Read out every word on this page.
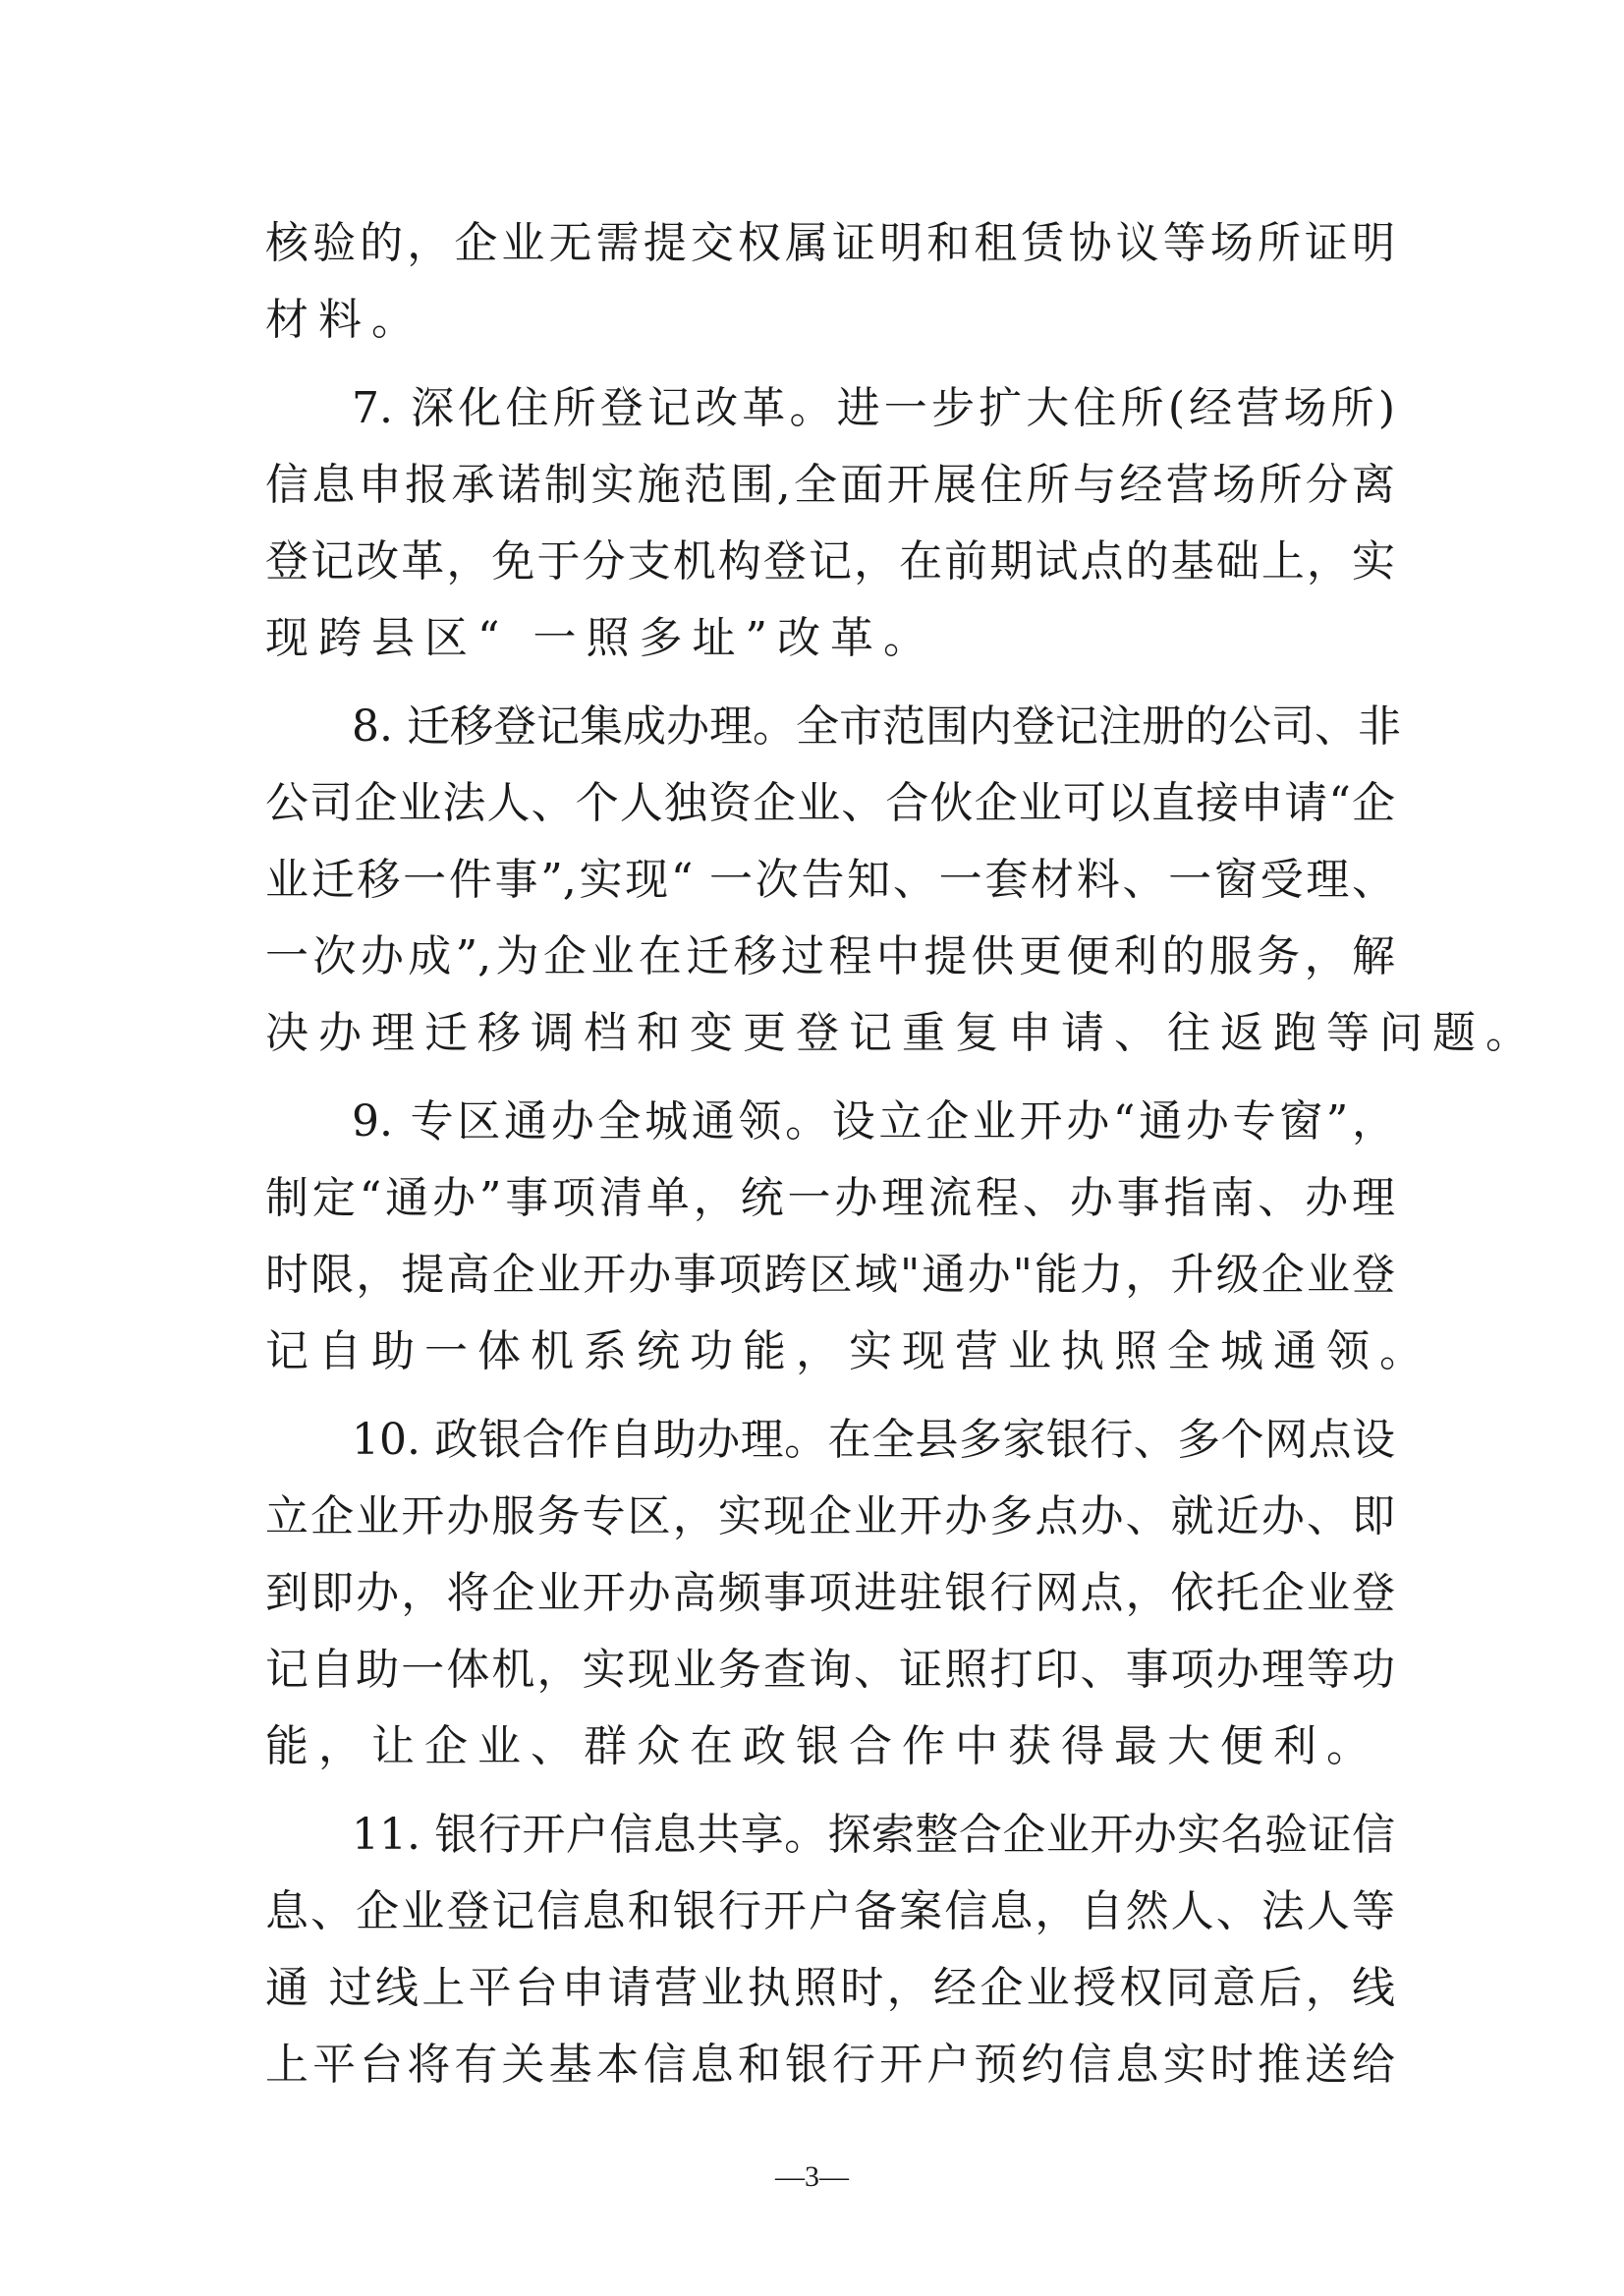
核验的，企业无需提交权属证明和租赁协议等场所证明
材料。
7. 深化住所登记改革。进一步扩大住所(经营场所)
信息申报承诺制实施范围,全面开展住所与经营场所分离
登记改革，免于分支机构登记，在前期试点的基础上，实
现跨县区“ 一照多址”改革。
8. 迁移登记集成办理。全市范围内登记注册的公司、非
公司企业法人、个人独资企业、合伙企业可以直接申请“企
业迁移一件事”,实现“ 一次告知、一套材料、一窗受理、
一次办成”,为企业在迁移过程中提供更便利的服务，解
决办理迁移调档和变更登记重复申请、往返跑等问题。
9. 专区通办全城通领。设立企业开办“通办专窗”，
制定“通办”事项清单，统一办理流程、办事指南、办理
时限，提高企业开办事项跨区域"通办"能力，升级企业登
记自助一体机系统功能，实现营业执照全城通领。
10. 政银合作自助办理。在全县多家银行、多个网点设
立企业开办服务专区，实现企业开办多点办、就近办、即
到即办，将企业开办高频事项进驻银行网点，依托企业登
记自助一体机，实现业务查询、证照打印、事项办理等功
能，让企业、群众在政银合作中获得最大便利。
11. 银行开户信息共享。探索整合企业开办实名验证信
息、企业登记信息和银行开户备案信息，自然人、法人等
通 过线上平台申请营业执照时，经企业授权同意后，线
上平台将有关基本信息和银行开户预约信息实时推送给
—3—
